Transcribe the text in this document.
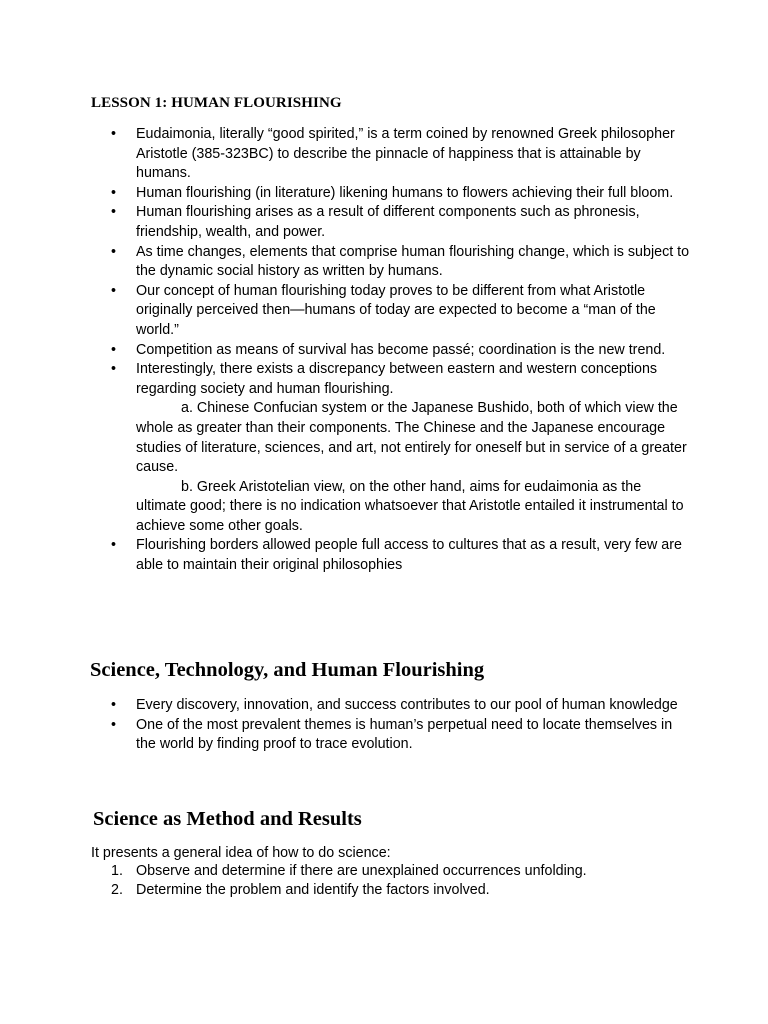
LESSON 1: HUMAN FLOURISHING
• Eudaimonia, literally “good spirited,” is a term coined by renowned Greek philosopher Aristotle (385-323BC) to describe the pinnacle of happiness that is attainable by humans.
• Human flourishing (in literature) likening humans to flowers achieving their full bloom.
• Human flourishing arises as a result of different components such as phronesis, friendship, wealth, and power.
• As time changes, elements that comprise human flourishing change, which is subject to the dynamic social history as written by humans.
• Our concept of human flourishing today proves to be different from what Aristotle originally perceived then—humans of today are expected to become a “man of the world.”
• Competition as means of survival has become passé; coordination is the new trend.
• Interestingly, there exists a discrepancy between eastern and western conceptions regarding society and human flourishing.
a. Chinese Confucian system or the Japanese Bushido, both of which view the whole as greater than their components. The Chinese and the Japanese encourage studies of literature, sciences, and art, not entirely for oneself but in service of a greater cause.
b. Greek Aristotelian view, on the other hand, aims for eudaimonia as the ultimate good; there is no indication whatsoever that Aristotle entailed it instrumental to achieve some other goals.
• Flourishing borders allowed people full access to cultures that as a result, very few are able to maintain their original philosophies
Science, Technology, and Human Flourishing
• Every discovery, innovation, and success contributes to our pool of human knowledge
• One of the most prevalent themes is human’s perpetual need to locate themselves in the world by finding proof to trace evolution.
Science as Method and Results

It presents a general idea of how to do science:

1. Observe and determine if there are unexplained occurrences unfolding.
2. Determine the problem and identify the factors involved.
